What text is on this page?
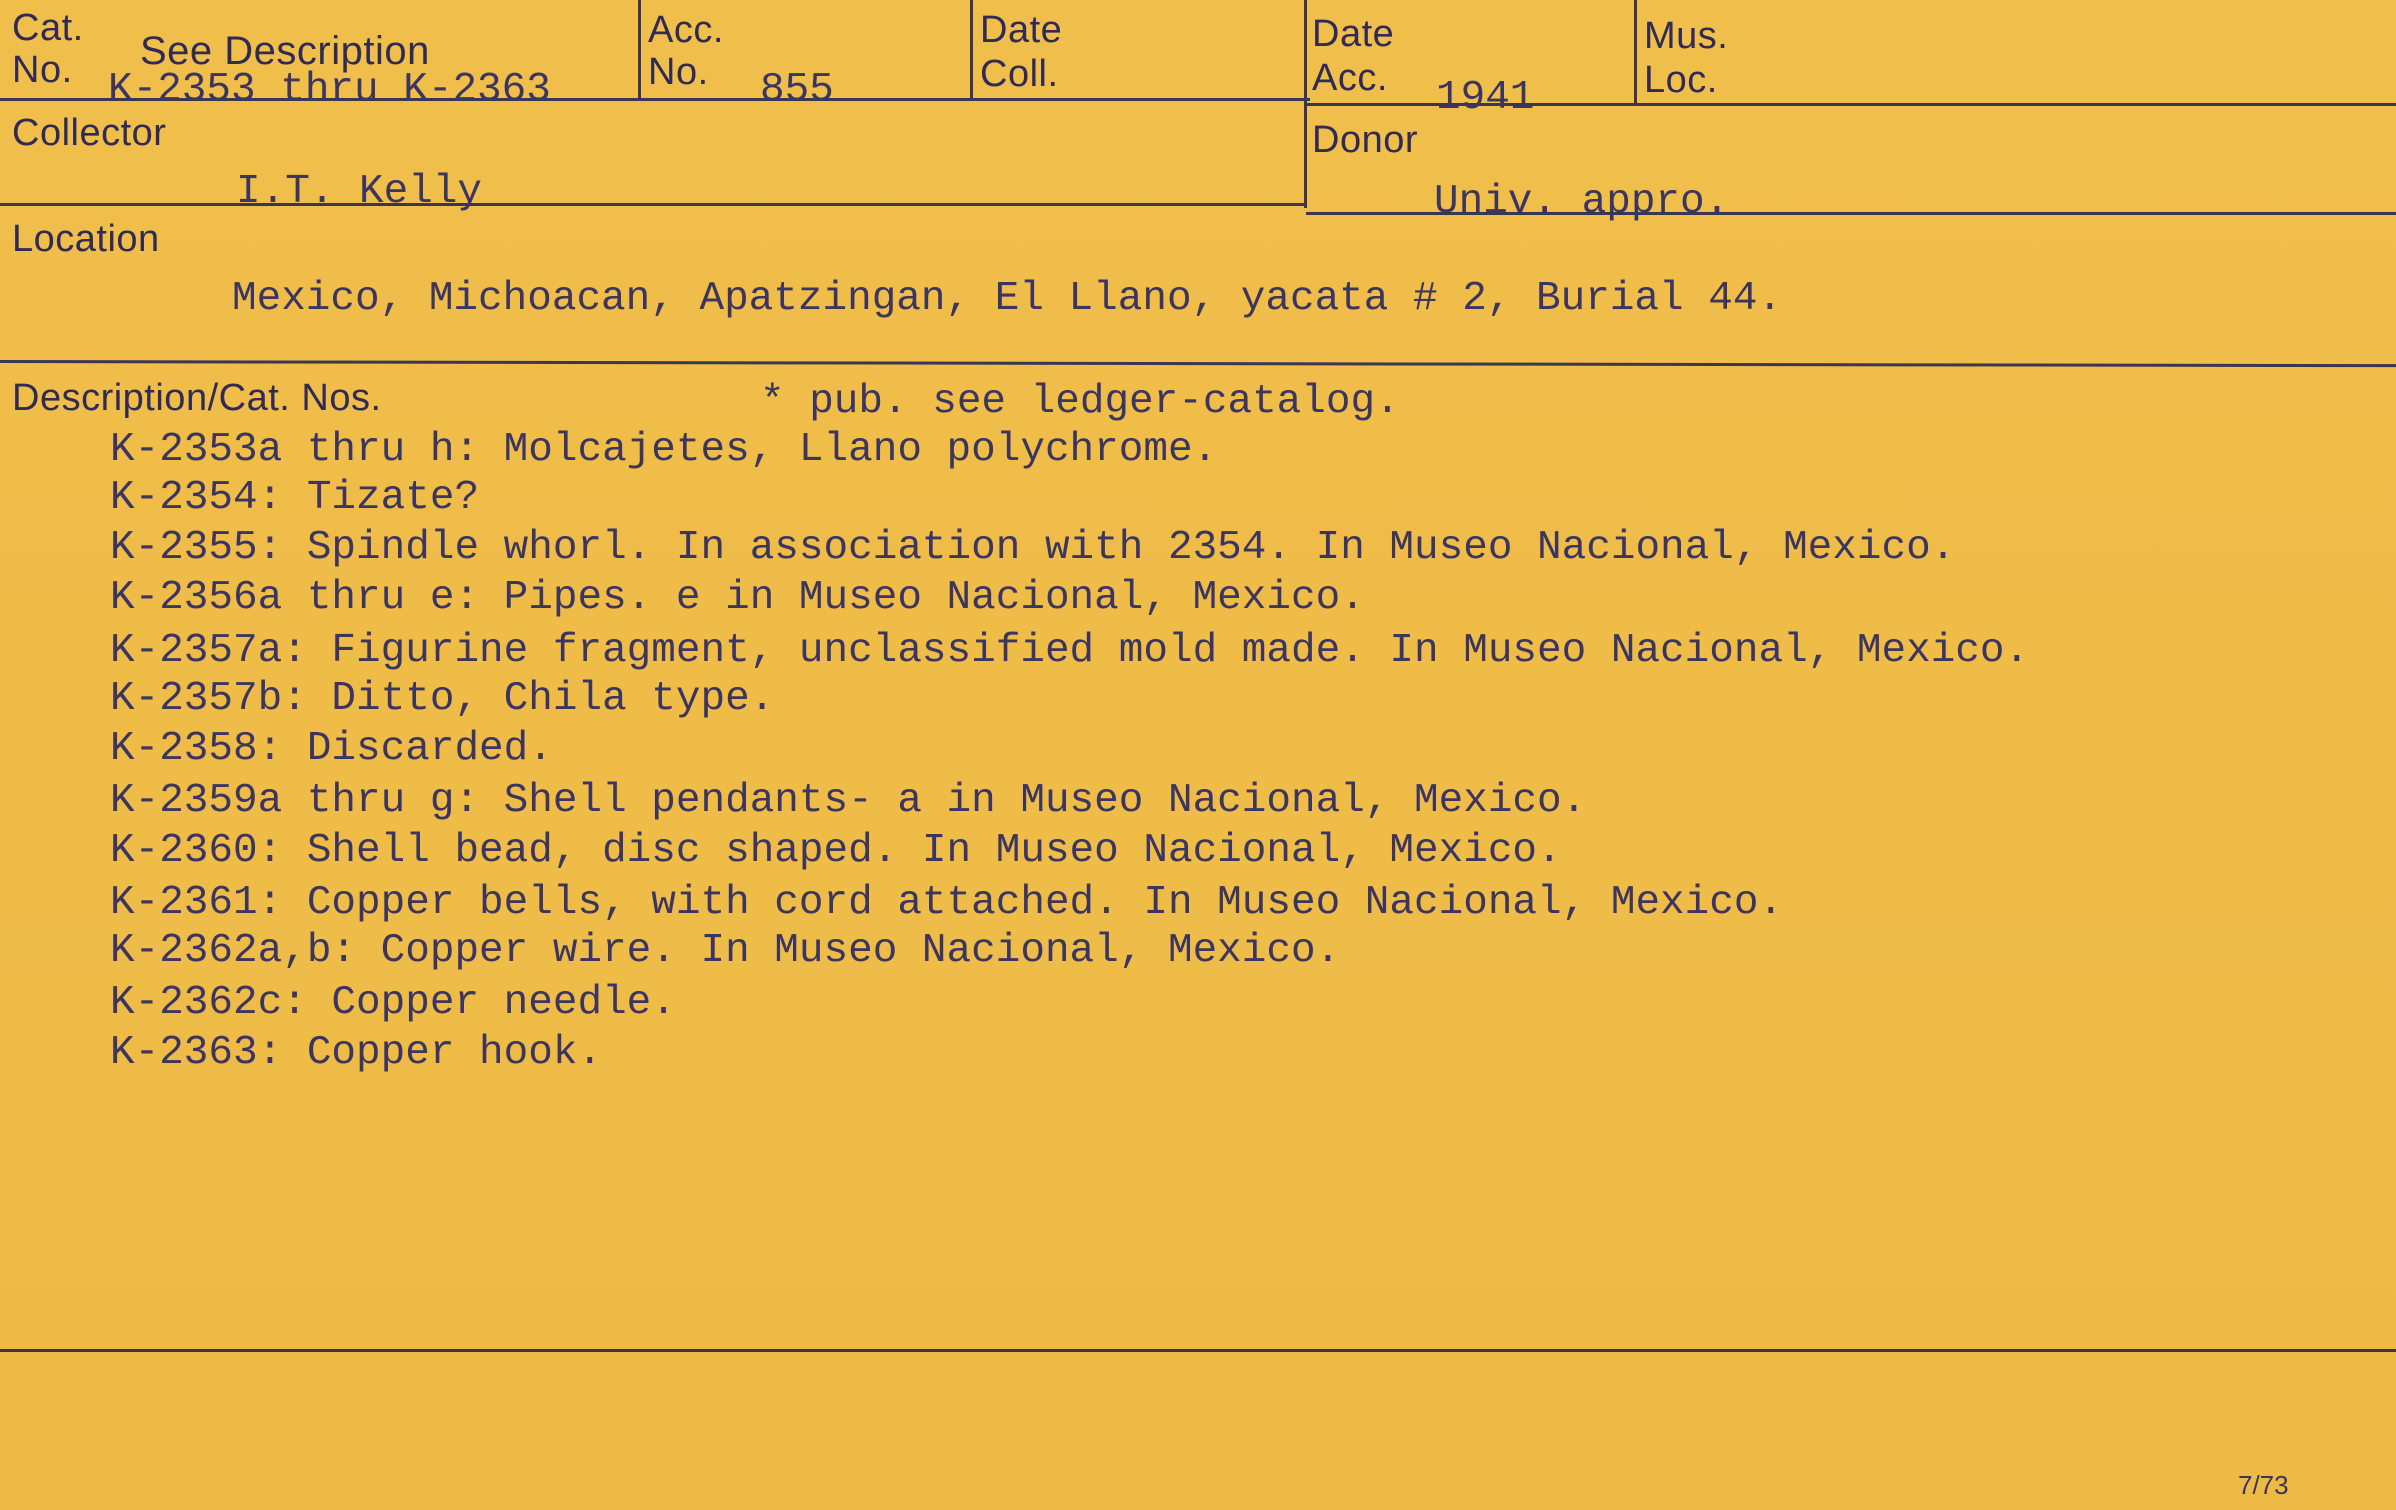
Cat.
No. See Description
K-2353 thru K-2363
Acc.
No. 855
Date
Coll.
Date
Acc. 1941
Mus.
Loc.
Collector
I.T. Kelly
Donor
Univ. appro.
Location
Mexico, Michoacan, Apatzingan, El Llano, yacata # 2, Burial 44.
Description/Cat. Nos.	* pub. see ledger-catalog.
K-2353a thru h: Molcajetes, Llano polychrome.
K-2354: Tizate?
K-2355: Spindle whorl. In association with 2354. In Museo Nacional, Mexico.
K-2356a thru e: Pipes. e in Museo Nacional, Mexico.
K-2357a: Figurine fragment, unclassified mold made. In Museo Nacional, Mexico.
K-2357b: Ditto, Chila type.
K-2358: Discarded.
K-2359a thru g: Shell pendants- a in Museo Nacional, Mexico.
K-2360: Shell bead, disc shaped. In Museo Nacional, Mexico.
K-2361: Copper bells, with cord attached. In Museo Nacional, Mexico.
K-2362a,b: Copper wire. In Museo Nacional, Mexico.
K-2362c: Copper needle.
K-2363: Copper hook.
7/73
